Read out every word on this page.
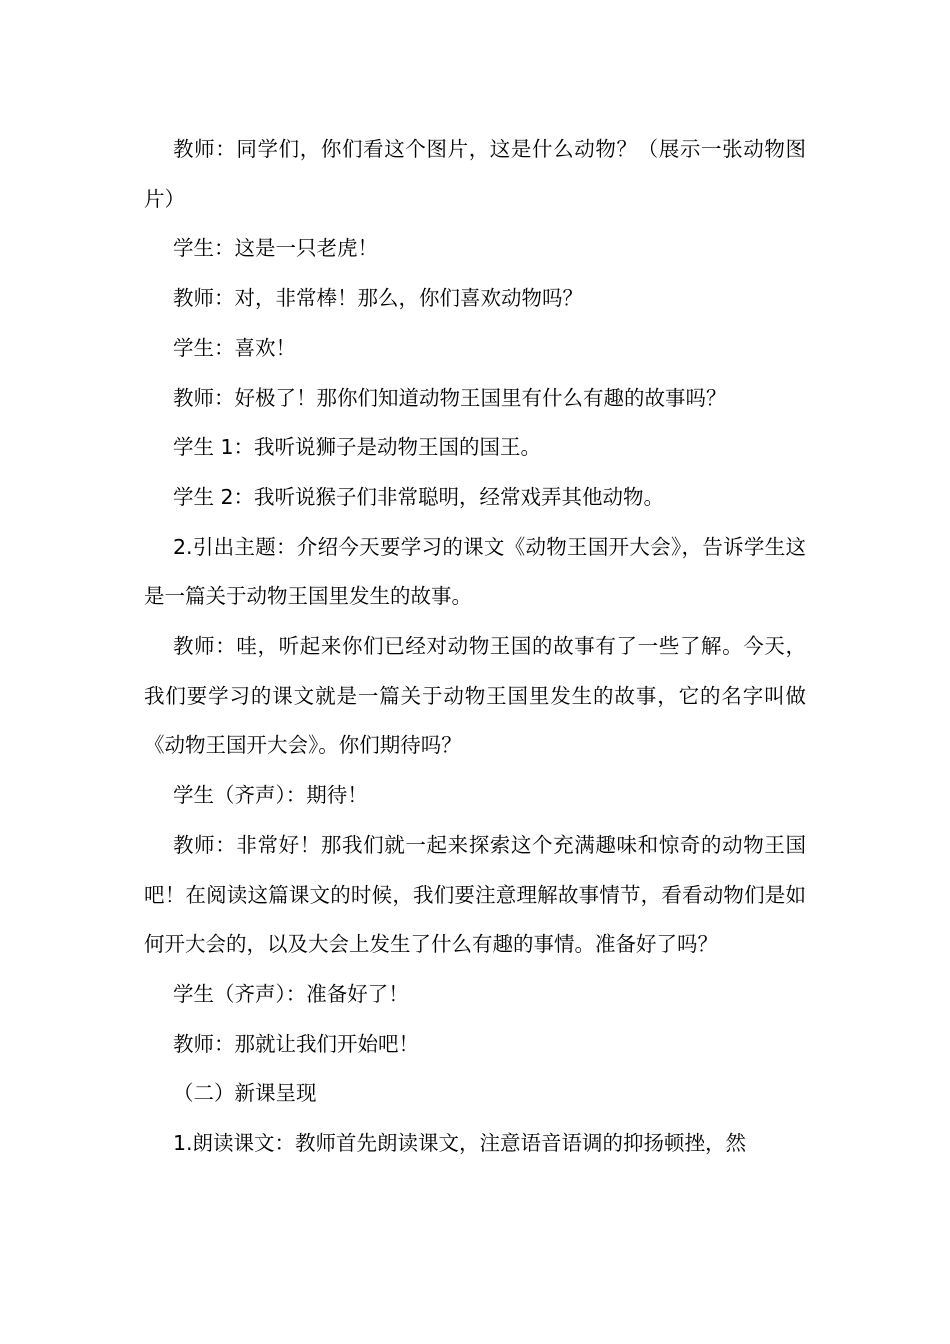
教师：同学们，你们看这个图片，这是什么动物？（展示一张动物图片）

学生：这是一只老虎！

教师：对，非常棒！那么，你们喜欢动物吗？

学生：喜欢！

教师：好极了！那你们知道动物王国里有什么有趣的故事吗？

学生 1：我听说狮子是动物王国的国王。

学生 2：我听说猴子们非常聪明，经常戏弄其他动物。

2.引出主题：介绍今天要学习的课文《动物王国开大会》，告诉学生这是一篇关于动物王国里发生的故事。

教师：哇，听起来你们已经对动物王国的故事有了一些了解。今天，我们要学习的课文就是一篇关于动物王国里发生的故事，它的名字叫做《动物王国开大会》。你们期待吗？

学生（齐声）：期待！

教师：非常好！那我们就一起来探索这个充满趣味和惊奇的动物王国吧！在阅读这篇课文的时候，我们要注意理解故事情节，看看动物们是如何开大会的，以及大会上发生了什么有趣的事情。准备好了吗？

学生（齐声）：准备好了！

教师：那就让我们开始吧！

（二）新课呈现

1.朗读课文：教师首先朗读课文，注意语音语调的抑扬顿挫，然
